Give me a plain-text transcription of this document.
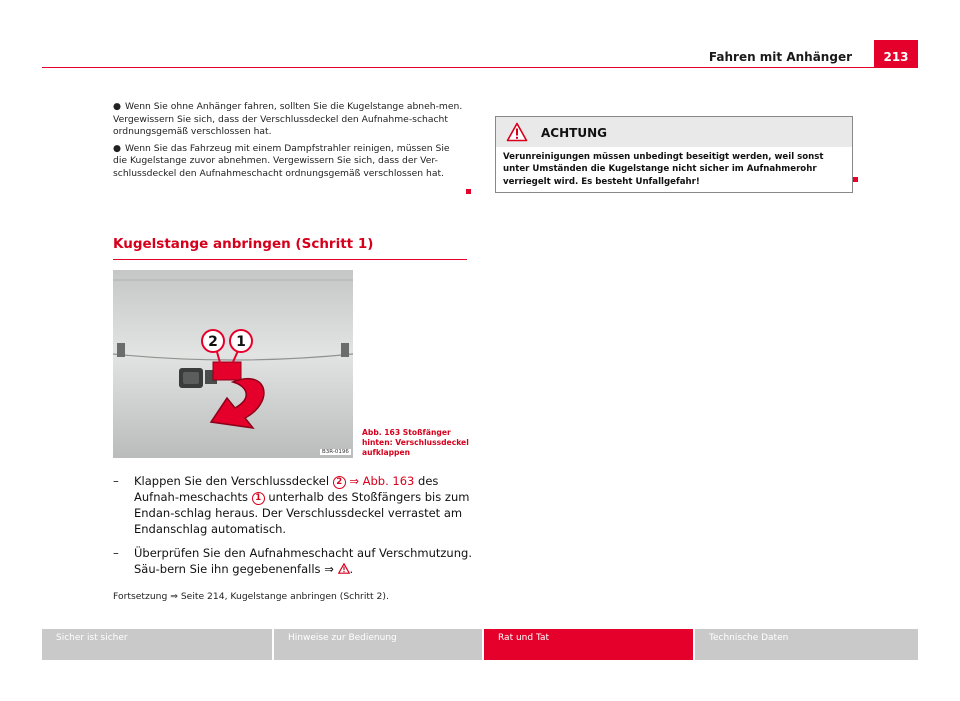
Fahren mit Anhänger	213
● Wenn Sie ohne Anhänger fahren, sollten Sie die Kugelstange abneh-men. Vergewissern Sie sich, dass der Verschlussdeckel den Aufnahme-schacht ordnungsgemäß verschlossen hat.
● Wenn Sie das Fahrzeug mit einem Dampfstrahler reinigen, müssen Sie die Kugelstange zuvor abnehmen. Vergewissern Sie sich, dass der Ver-schlussdeckel den Aufnahmeschacht ordnungsgemäß verschlossen hat.
Kugelstange anbringen (Schritt 1)
2 1
B3R-0196
Abb. 163 Stoßfänger hinten: Verschlussdeckel aufklappen
– Klappen Sie den Verschlussdeckel 2 ⇒ Abb. 163 des Aufnah-meschachts 1 unterhalb des Stoßfängers bis zum Endan-schlag heraus. Der Verschlussdeckel verrastet am Endanschlag automatisch.
– Überprüfen Sie den Aufnahmeschacht auf Verschmutzung. Säu-bern Sie ihn gegebenenfalls ⇒ .
Fortsetzung ⇒ Seite 214, Kugelstange anbringen (Schritt 2).
ACHTUNG
Verunreinigungen müssen unbedingt beseitigt werden, weil sonst unter Umständen die Kugelstange nicht sicher im Aufnahmerohr verriegelt wird. Es besteht Unfallgefahr!
Sicher ist sicher	Hinweise zur Bedienung	Rat und Tat	Technische Daten
